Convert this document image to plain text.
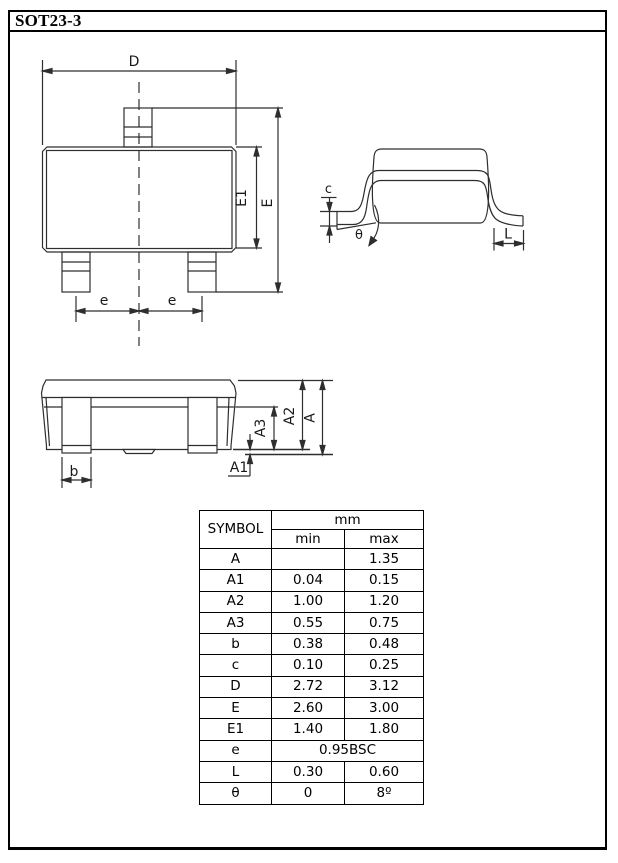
SOT23-3
D
E1 E
e	e
c
θ	L
A3
A2 A
A1
b
SYMBOL	mm	
	min	max
A		1.35
A1	0.04	0.15
A2	1.00	1.20
A3	0.55	0.75
b	0.38	0.48
c	0.10	0.25
D	2.72	3.12
E	2.60	3.00
E1	1.40	1.80
e	0.95BSC	
L	0.30	0.60
θ	0	8º
